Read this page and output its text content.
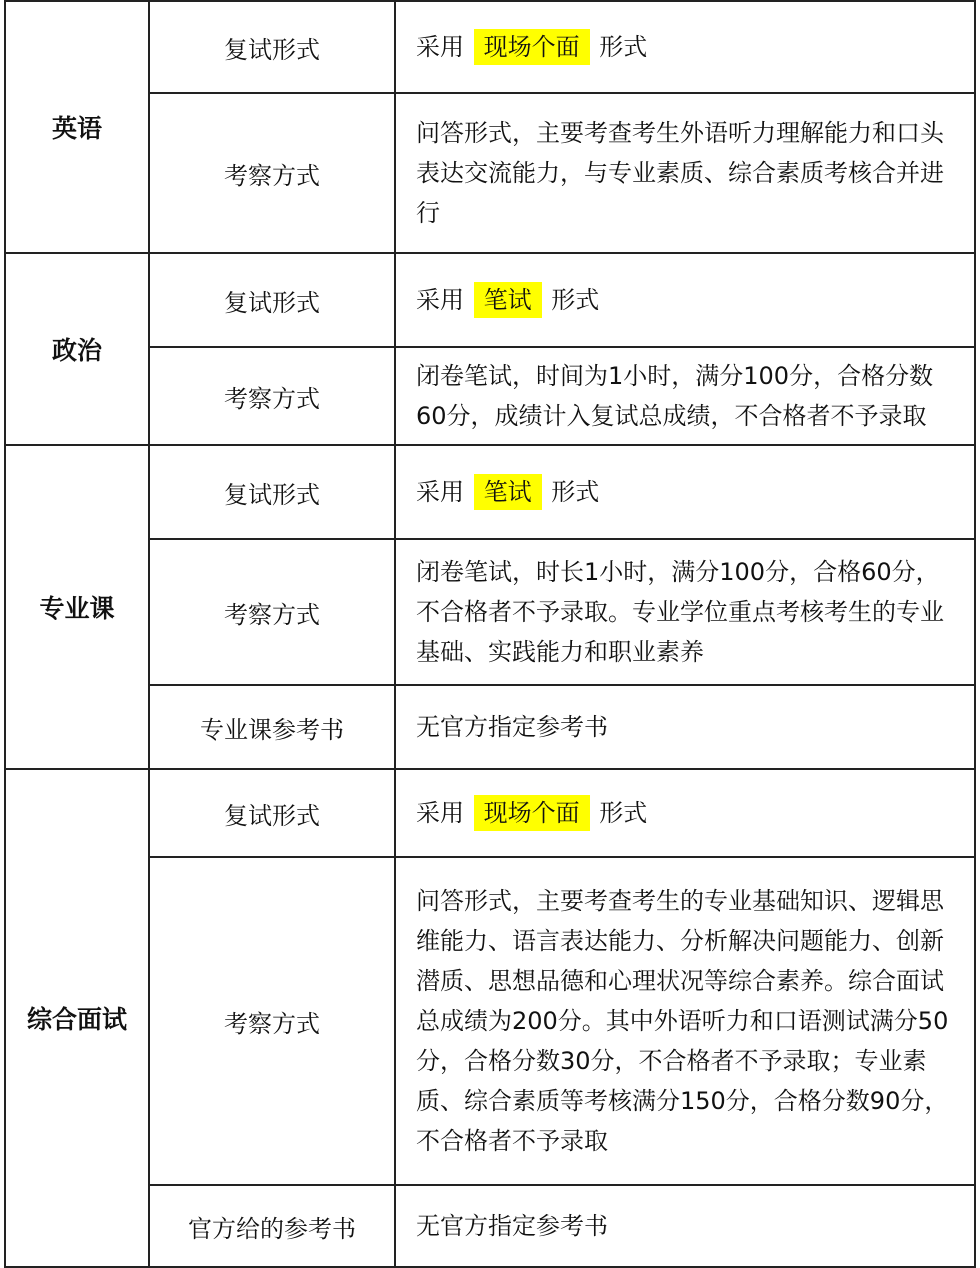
英语	复试形式	采用 现场个面 形式
	考察方式	问答形式，主要考查考生外语听力理解能力和口头表达交流能力，与专业素质、综合素质考核合并进行
政治	复试形式	采用 笔试 形式
	考察方式	闭卷笔试，时间为1小时，满分100分，合格分数60分，成绩计入复试总成绩，不合格者不予录取
专业课	复试形式	采用 笔试 形式
	考察方式	闭卷笔试，时长1小时，满分100分，合格60分，不合格者不予录取。专业学位重点考核考生的专业基础、实践能力和职业素养
	专业课参考书	无官方指定参考书
综合面试	复试形式	采用 现场个面 形式
	考察方式	问答形式，主要考查考生的专业基础知识、逻辑思维能力、语言表达能力、分析解决问题能力、创新潜质、思想品德和心理状况等综合素养。综合面试总成绩为200分。其中外语听力和口语测试满分50分，合格分数30分，不合格者不予录取；专业素质、综合素质等考核满分150分，合格分数90分，不合格者不予录取
	官方给的参考书	无官方指定参考书
